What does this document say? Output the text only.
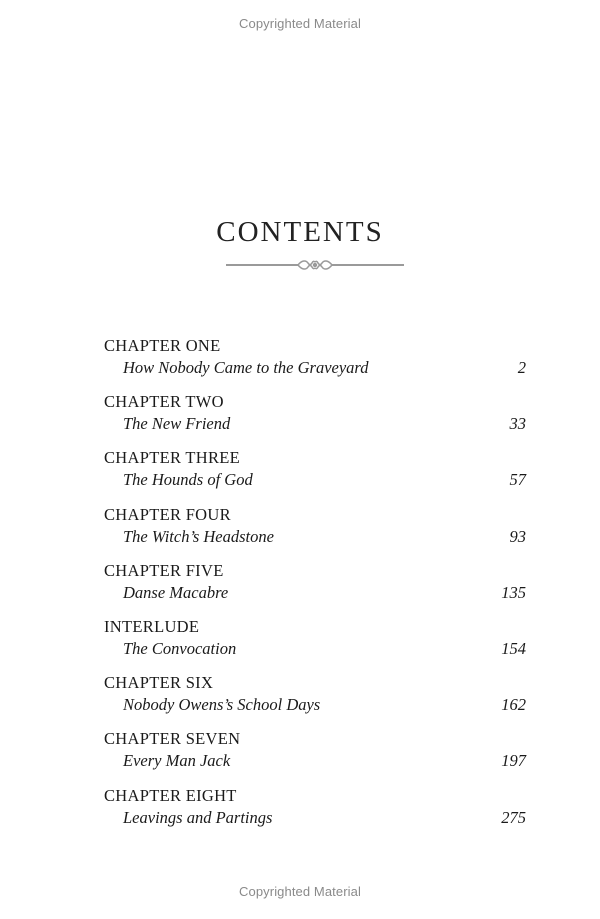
Copyrighted Material
CONTENTS
CHAPTER ONE
How Nobody Came to the Graveyard	2
CHAPTER TWO
The New Friend	33
CHAPTER THREE
The Hounds of God	57
CHAPTER FOUR
The Witch’s Headstone	93
CHAPTER FIVE
Danse Macabre	135
INTERLUDE
The Convocation	154
CHAPTER SIX
Nobody Owens’s School Days	162
CHAPTER SEVEN
Every Man Jack	197
CHAPTER EIGHT
Leavings and Partings	275
Copyrighted Material
